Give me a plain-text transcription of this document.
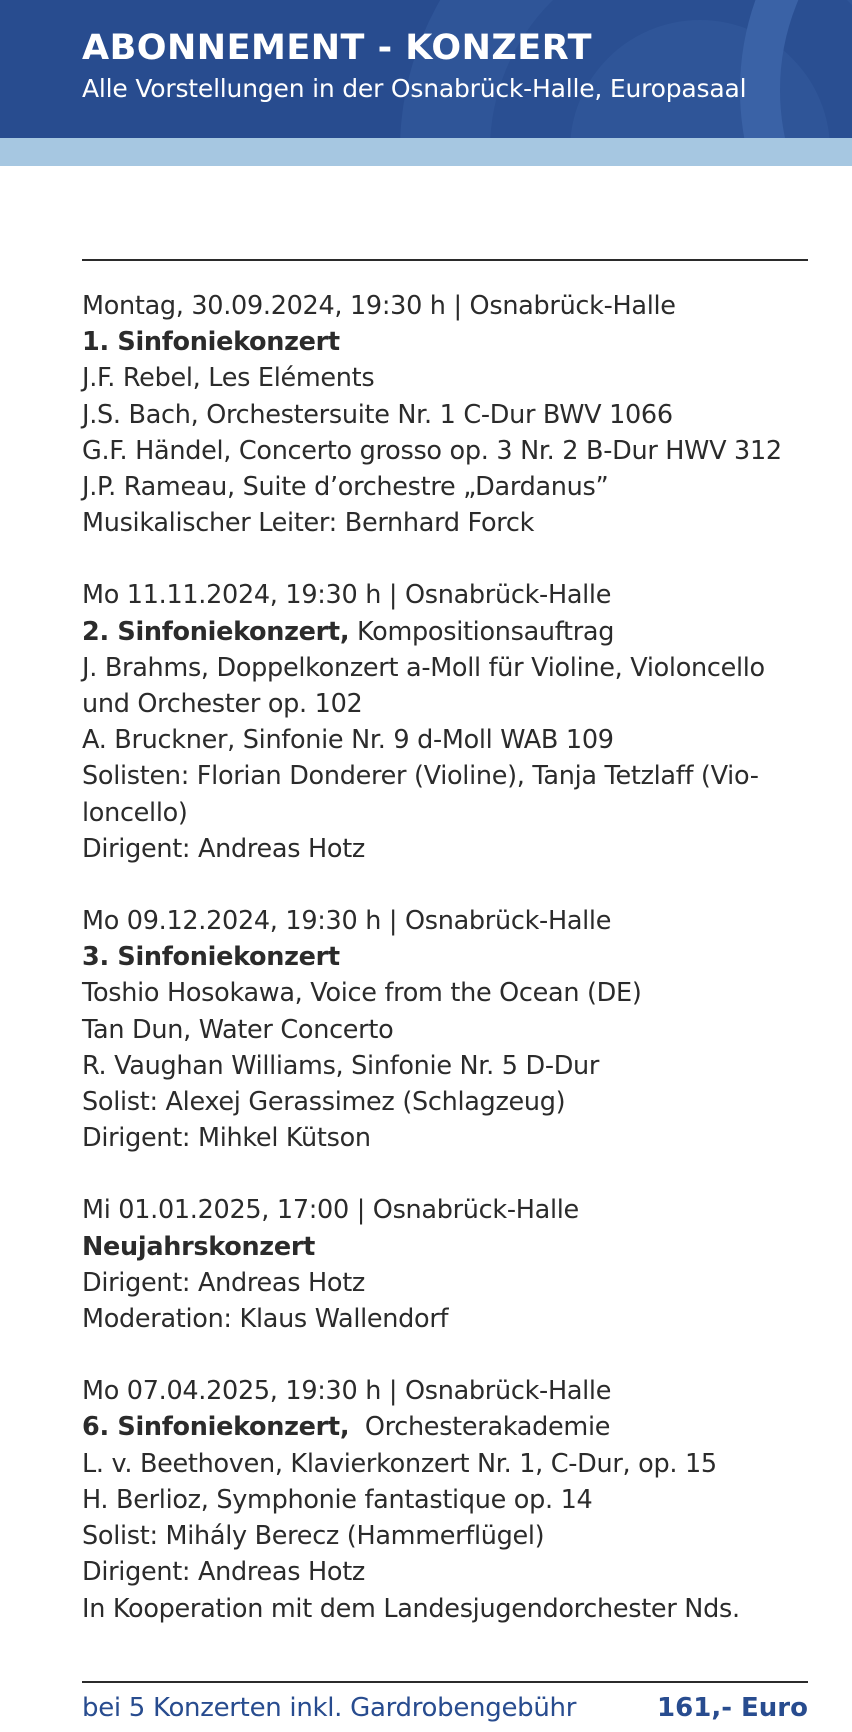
ABONNEMENT - KONZERT
Alle Vorstellungen in der Osnabrück-Halle, Europasaal
Montag, 30.09.2024, 19:30 h | Osnabrück-Halle
1. Sinfoniekonzert
J.F. Rebel, Les Eléments
J.S. Bach, Orchestersuite Nr. 1 C-Dur BWV 1066
G.F. Händel, Concerto grosso op. 3 Nr. 2 B-Dur HWV 312
J.P. Rameau, Suite d’orchestre „Dardanus”
Musikalischer Leiter: Bernhard Forck
Mo 11.11.2024, 19:30 h | Osnabrück-Halle
2. Sinfoniekonzert, Kompositionsauftrag
J. Brahms, Doppelkonzert a-Moll für Violine, Violoncello
und Orchester op. 102
A. Bruckner, Sinfonie Nr. 9 d-Moll WAB 109
Solisten: Florian Donderer (Violine), Tanja Tetzlaff (Vio-
loncello)
Dirigent: Andreas Hotz
Mo 09.12.2024, 19:30 h | Osnabrück-Halle
3. Sinfoniekonzert
Toshio Hosokawa, Voice from the Ocean (DE)
Tan Dun, Water Concerto
R. Vaughan Williams, Sinfonie Nr. 5 D-Dur
Solist: Alexej Gerassimez (Schlagzeug)
Dirigent: Mihkel Kütson
Mi 01.01.2025, 17:00 | Osnabrück-Halle
Neujahrskonzert
Dirigent: Andreas Hotz
Moderation: Klaus Wallendorf
Mo 07.04.2025, 19:30 h | Osnabrück-Halle
6. Sinfoniekonzert,  Orchesterakademie
L. v. Beethoven, Klavierkonzert Nr. 1, C-Dur, op. 15
H. Berlioz, Symphonie fantastique op. 14
Solist: Mihály Berecz (Hammerflügel)
Dirigent: Andreas Hotz
In Kooperation mit dem Landesjugendorchester Nds.
bei 5 Konzerten inkl. Gardrobengebühr	161,- Euro
